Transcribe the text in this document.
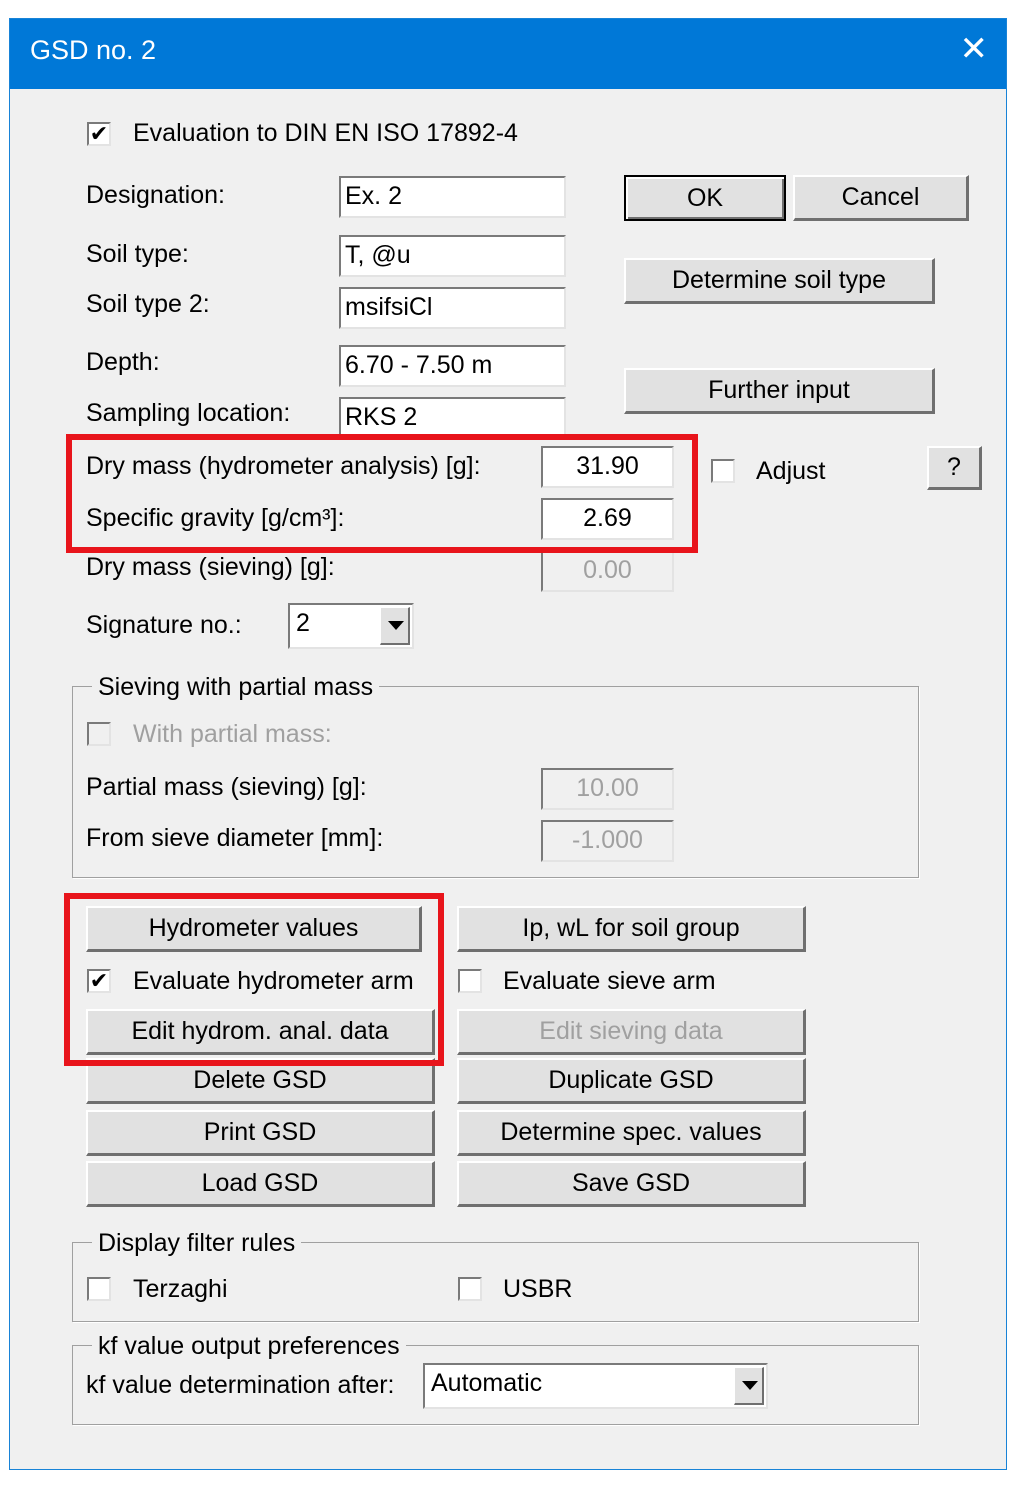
GSD no. 2	✕
✔ Evaluation to DIN EN ISO 17892-4
Designation:	Ex. 2
Soil type:	T, @u
Soil type 2:	msifsiCl
Depth:	6.70 - 7.50 m
Sampling location: RKS 2
OK	Cancel
Determine soil type
Further input
Dry mass (hydrometer analysis) [g]:	31.90
Specific gravity [g/cm³]:	2.69
Adjust	?
Dry mass (sieving) [g]:	0.00
Signature no.:	2
Sieving with partial mass
With partial mass:
Partial mass (sieving) [g]:	10.00
From sieve diameter [mm]:	-1.000
Hydrometer values	Ip, wL for soil group
✔ Evaluate hydrometer arm	Evaluate sieve arm
Edit hydrom. anal. data	Edit sieving data
Delete GSD	Duplicate GSD
Print GSD	Determine spec. values
Load GSD	Save GSD
Display filter rules
Terzaghi	USBR
kf value output preferences
kf value determination after:	Automatic
